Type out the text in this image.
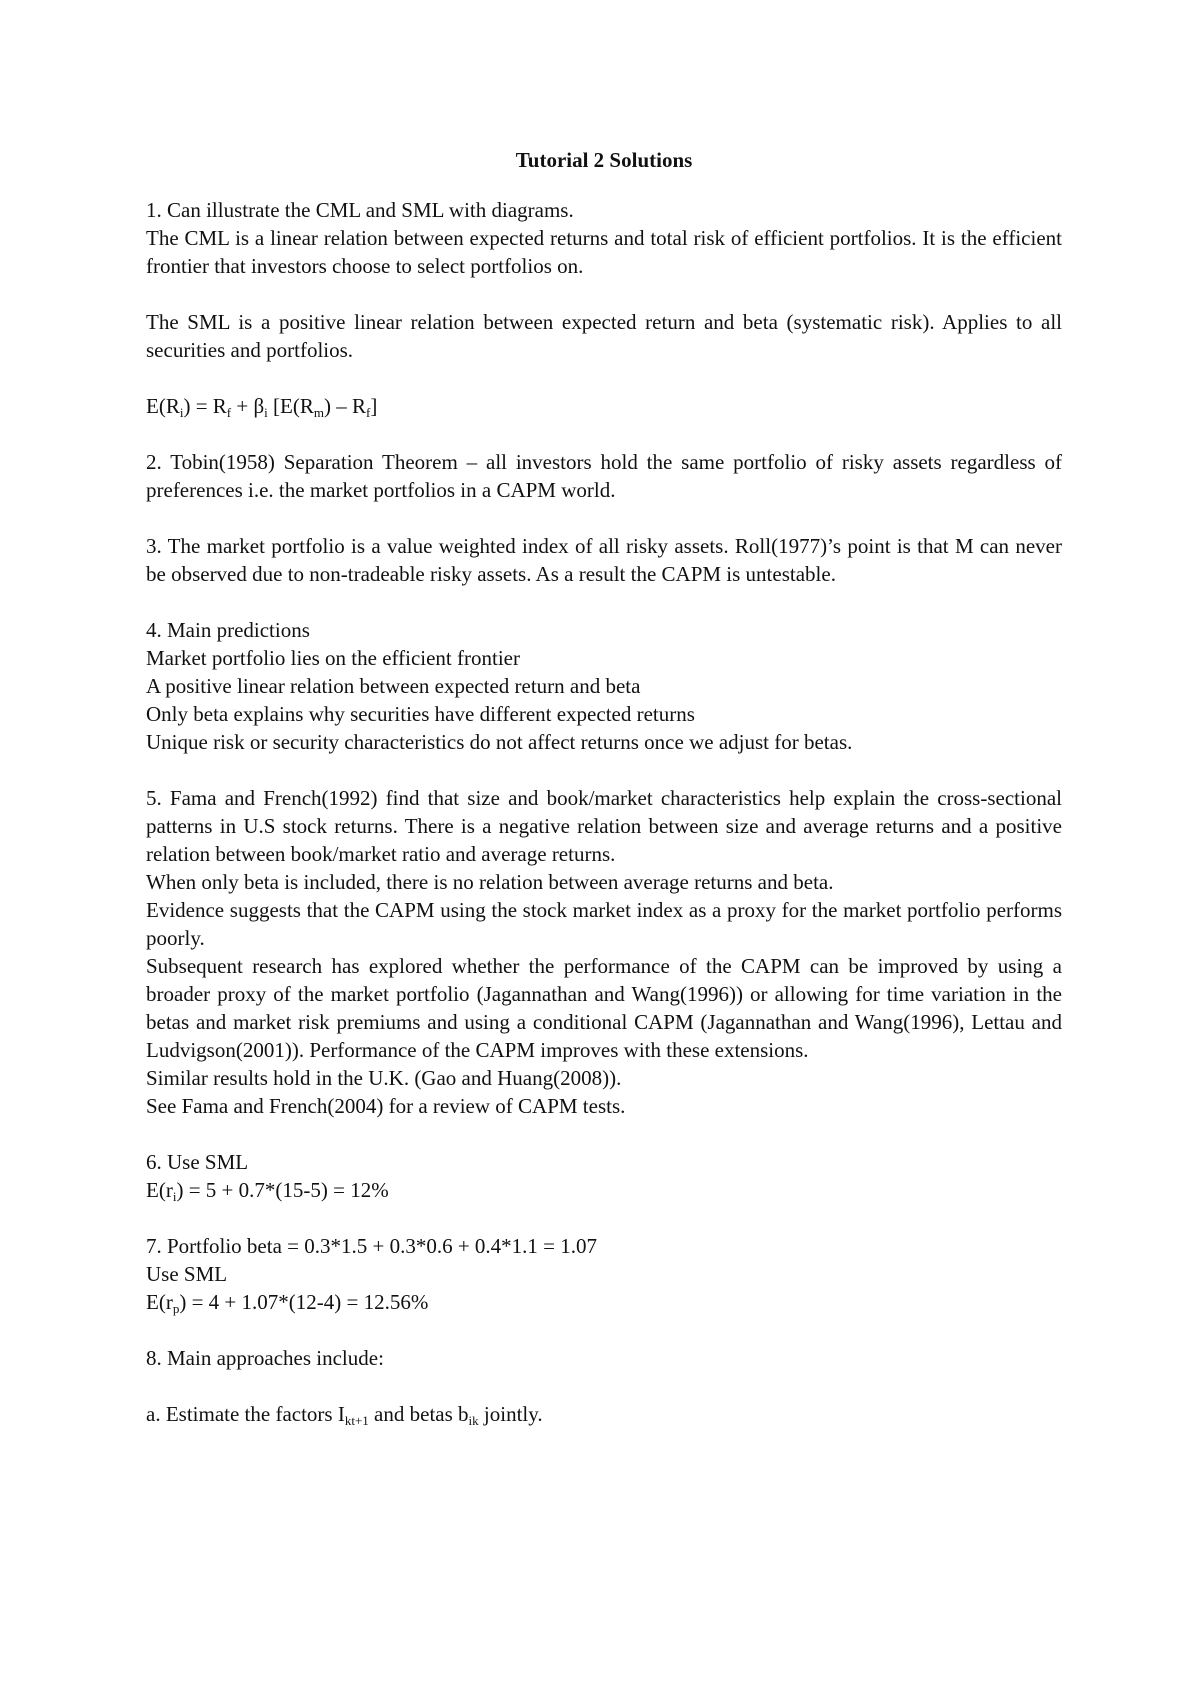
Tutorial 2 Solutions

1. Can illustrate the CML and SML with diagrams.

The CML is a linear relation between expected returns and total risk of efficient portfolios. It is the efficient frontier that investors choose to select portfolios on.

The SML is a positive linear relation between expected return and beta (systematic risk). Applies to all securities and portfolios.

$E(R_i) = R_f + \beta_i$ $[E(R_m) - R_f]$

2. Tobin(1958) Separation Theorem – all investors hold the same portfolio of risky assets regardless of preferences i.e. the market portfolios in a CAPM world.

3. The market portfolio is a value weighted index of all risky assets. Roll(1977)’s point is that M can never be observed due to non-tradeable risky assets. As a result the CAPM is untestable.

4. Main predictions

Market portfolio lies on the efficient frontier

A positive linear relation between expected return and beta

Only beta explains why securities have different expected returns

Unique risk or security characteristics do not affect returns once we adjust for betas.

5. Fama and French(1992) find that size and book/market characteristics help explain the cross-sectional patterns in U.S stock returns. There is a negative relation between size and average returns and a positive relation between book/market ratio and average returns.

When only beta is included, there is no relation between average returns and beta.

Evidence suggests that the CAPM using the stock market index as a proxy for the market portfolio performs poorly.

Subsequent research has explored whether the performance of the CAPM can be improved by using a broader proxy of the market portfolio (Jagannathan and Wang(1996)) or allowing for time variation in the betas and market risk premiums and using a conditional CAPM (Jagannathan and Wang(1996), Lettau and Ludvigson(2001)). Performance of the CAPM improves with these extensions.

Similar results hold in the U.K. (Gao and Huang(2008)).

See Fama and French(2004) for a review of CAPM tests.

6. Use SML

$E(r_i) = 5 + 0.7*(15-5) = 12\%$

7. Portfolio beta = 0.3*1.5 + 0.3*0.6 + 0.4*1.1 = 1.07

Use SML

$E(r_p) = 4 + 1.07*(12-4) = 12.56\%$

8. Main approaches include:

a. Estimate the factors $I_{kt+1}$ and betas $b_{ik}$ jointly.
